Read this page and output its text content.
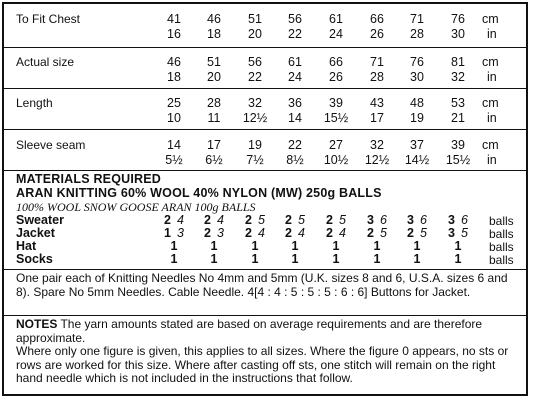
To Fit Chest	41	46	51	56	61	66	71	76	cm
16	18	20	22	24	26	28	30	in
Actual size	46	51	56	61	66	71	76	81	cm
18	20	22	24	26	28	30	32	in
Length	25	28	32	36	39	43	48	53	cm
10	11	12½	14	15½	17	19	21	in
Sleeve seam	14	17	19	22	27	32	37	39	cm
5½	6½	7½	8½	10½	12½	14½	15½	in
MATERIALS REQUIRED
ARAN KNITTING 60% WOOL 40% NYLON (MW) 250g BALLS
100% WOOL SNOW GOOSE ARAN 100g BALLS
Sweater	2 4	2 4	2 5	2 5	2 5	3 6	3 6	3 6	balls
Jacket	1 3	2 3	2 4	2 4	2 4	2 5	2 5	3 5	balls
Hat	1	1	1	1	1	1	1	1	balls
Socks	1	1	1	1	1	1	1	1	balls
One pair each of Knitting Needles No 4mm and 5mm (U.K. sizes 8 and 6, U.S.A. sizes 6 and 8). Spare No 5mm Needles. Cable Needle. 4[4 : 4 : 5 : 5 : 5 : 6 : 6] Buttons for Jacket.
NOTES The yarn amounts stated are based on average requirements and are therefore approximate.
Where only one figure is given, this applies to all sizes. Where the figure 0 appears, no sts or rows are worked for this size. Where after casting off sts, one stitch will remain on the right hand needle which is not included in the instructions that follow.
